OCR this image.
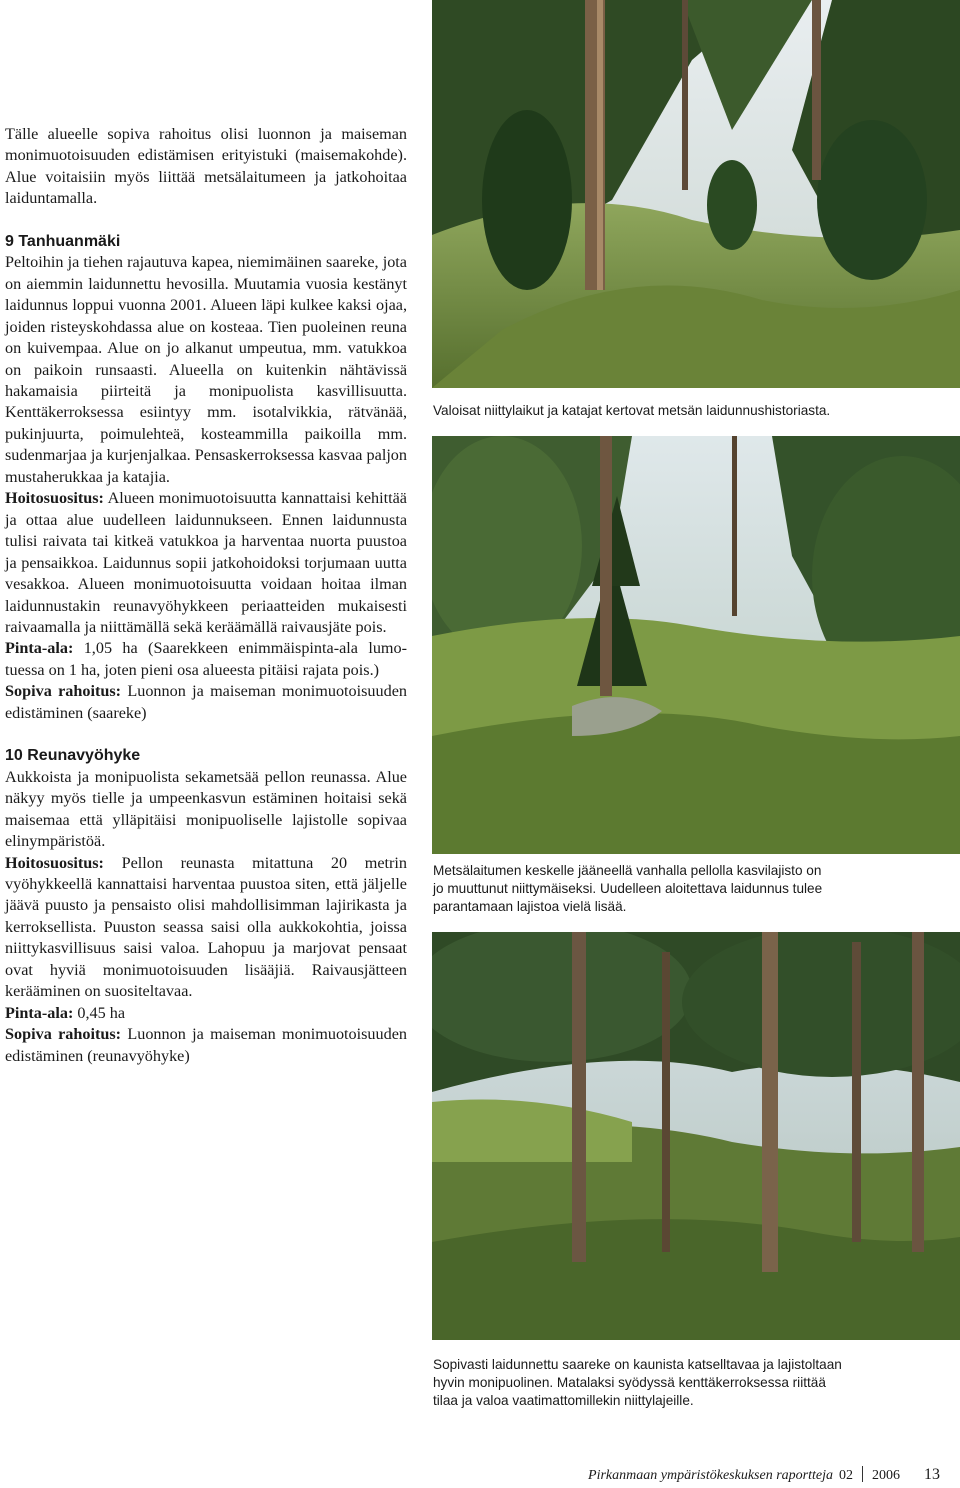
Tälle alueelle sopiva rahoitus olisi luonnon ja maiseman monimuotoisuuden edistämisen erityistuki (maisemakohde). Alue voitaisiin myös liittää metsälaitumeen ja jatkohoitaa laiduntamalla.

9 Tanhuanmäki

Peltoihin ja tiehen rajautuva kapea, niemimäinen saareke, jota on aiemmin laidunnettu hevosilla. Muutamia vuosia kestänyt laidunnus loppui vuonna 2001. Alueen läpi kulkee kaksi ojaa, joiden risteyskohdassa alue on kosteaa. Tien puoleinen reuna on kuivempaa. Alue on jo alkanut umpeutua, mm. vatukkoa on paikoin runsaasti. Alueella on kuitenkin nähtävissä hakamaisia piirteitä ja monipuolista kasvillisuutta. Kenttäkerroksessa esiintyy mm. isotalvikkia, rätvänää, pukinjuurta, poimulehteä, kosteammilla paikoilla mm. sudenmarjaa ja kurjenjalkaa. Pensaskerroksessa kasvaa paljon mustaherukkaa ja katajia.

Hoitosuositus: Alueen monimuotoisuutta kannattaisi kehittää ja ottaa alue uudelleen laidunnukseen. Ennen laidunnusta tulisi raivata tai kitkeä vatukkoa ja harventaa nuorta puustoa ja pensaikkoa. Laidunnus sopii jatkohoidoksi torjumaan uutta vesakkoa. Alueen monimuotoisuutta voidaan hoitaa ilman laidunnustakin reunavyöhykkeen periaatteiden mukaisesti raivaamalla ja niittämällä sekä keräämällä raivausjäte pois.

Pinta-ala: 1,05 ha (Saarekkeen enimmäispinta-ala lumo-tuessa on 1 ha, joten pieni osa alueesta pitäisi rajata pois.)

Sopiva rahoitus: Luonnon ja maiseman monimuotoisuuden edistäminen (saareke)

10 Reunavyöhyke

Aukkoista ja monipuolista sekametsää pellon reunassa. Alue näkyy myös tielle ja umpeenkasvun estäminen hoitaisi sekä maisemaa että ylläpitäisi monipuoliselle lajistolle sopivaa elinympäristöä.

Hoitosuositus: Pellon reunasta mitattuna 20 metrin vyöhykkeellä kannattaisi harventaa puustoa siten, että jäljelle jäävä puusto ja pensaisto olisi mahdollisimman lajirikasta ja kerroksellista. Puuston seassa saisi olla aukkokohtia, joissa niittykasvillisuus saisi valoa. Lahopuu ja marjovat pensaat ovat hyviä monimuotoisuuden lisääjiä. Raivausjätteen kerääminen on suositeltavaa.

Pinta-ala: 0,45 ha

Sopiva rahoitus: Luonnon ja maiseman monimuotoisuuden edistäminen (reunavyöhyke)

Valoisat niittylaikut ja katajat kertovat metsän laidunnushistoriasta.

Metsälaitumen keskelle jääneellä vanhalla pellolla kasvilajisto on

jo muuttunut niittymäiseksi. Uudelleen aloitettava laidunnus tulee

parantamaan lajistoa vielä lisää.

Sopivasti laidunnettu saareke on kaunista katselltavaa ja lajistoltaan

hyvin monipuolinen. Matalaksi syödyssä kenttäkerroksessa riittää

tilaa ja valoa vaatimattomillekin niittylajeille.

Pirkanmaan ympäristökeskuksen raportteja 02 2006 13
